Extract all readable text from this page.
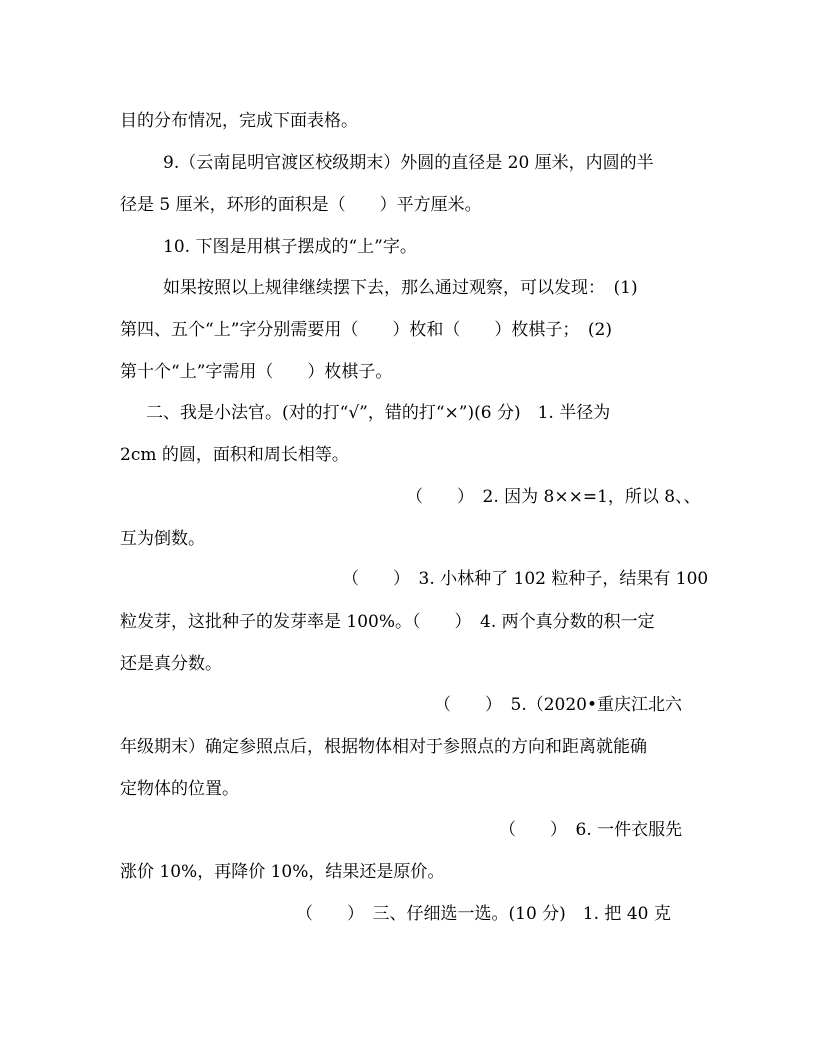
目的分布情况，完成下面表格。
9.（云南昆明官渡区校级期末）外圆的直径是 20 厘米，内圆的半
径是 5 厘米，环形的面积是（　　）平方厘米。
10. 下图是用棋子摆成的“上”字。
如果按照以上规律继续摆下去，那么通过观察，可以发现：　(1)
第四、五个“上”字分别需要用（　　）枚和（　　）枚棋子；　(2)
第十个“上”字需用（　　）枚棋子。
二、我是小法官。(对的打“√”，错的打“×”)(6 分)　1. 半径为
2cm 的圆，面积和周长相等。
（　　）　2. 因为 8××=1，所以 8、、
互为倒数。
（　　）　3. 小林种了 102 粒种子，结果有 100
粒发芽，这批种子的发芽率是 100%。（　　）　4. 两个真分数的积一定
还是真分数。
（　　）　5.（2020•重庆江北六
年级期末）确定参照点后，根据物体相对于参照点的方向和距离就能确
定物体的位置。
（　　）　6. 一件衣服先
涨价 10%，再降价 10%，结果还是原价。
（　　）　三、仔细选一选。(10 分)　1. 把 40 克
